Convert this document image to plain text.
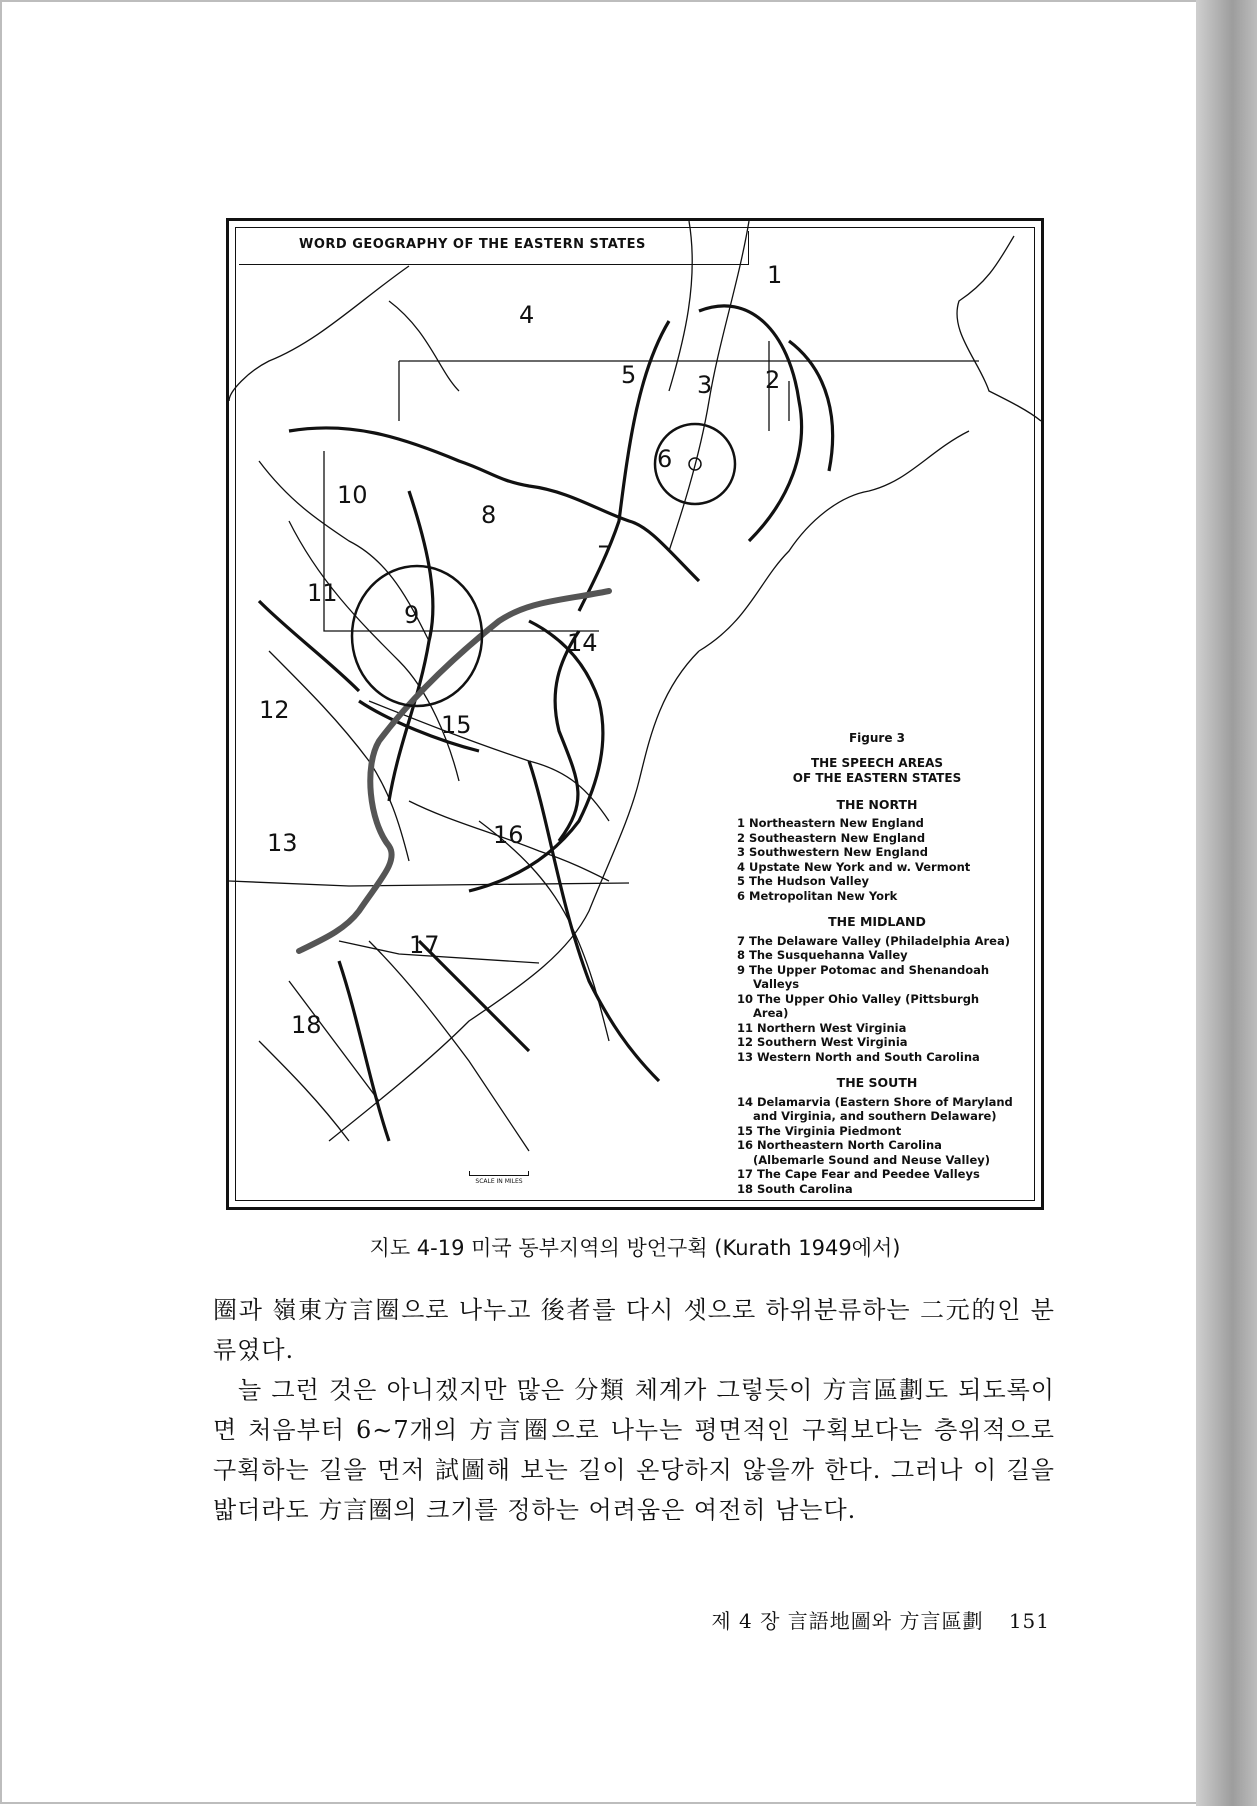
WORD GEOGRAPHY OF THE EASTERN STATES
1
2
3
4
5
6
7
8
9
10
11
12
13
14
15
16
17
18
Figure 3
THE SPEECH AREAS
OF THE EASTERN STATES
THE NORTH
1 Northeastern New England
2 Southeastern New England
3 Southwestern New England
4 Upstate New York and w. Vermont
5 The Hudson Valley
6 Metropolitan New York
THE MIDLAND
7 The Delaware Valley (Philadelphia Area)
8 The Susquehanna Valley
9 The Upper Potomac and Shenandoah Valleys
10 The Upper Ohio Valley (Pittsburgh Area)
11 Northern West Virginia
12 Southern West Virginia
13 Western North and South Carolina
THE SOUTH
14 Delamarvia (Eastern Shore of Maryland and Virginia, and southern Delaware)
15 The Virginia Piedmont
16 Northeastern North Carolina (Albemarle Sound and Neuse Valley)
17 The Cape Fear and Peedee Valleys
18 South Carolina
SCALE IN MILES
지도 4-19 미국 동부지역의 방언구획 (Kurath 1949에서)

圈과 嶺東方言圈으로 나누고 後者를 다시 셋으로 하위분류하는 二元的인 분류였다.

늘 그런 것은 아니겠지만 많은 分類 체계가 그렇듯이 方言區劃도 되도록이면 처음부터 6∼7개의 方言圈으로 나누는 평면적인 구획보다는 층위적으로 구획하는 길을 먼저 試圖해 보는 길이 온당하지 않을까 한다. 그러나 이 길을 밟더라도 方言圈의 크기를 정하는 어려움은 여전히 남는다.

제 4 장 言語地圖와 方言區劃 151
